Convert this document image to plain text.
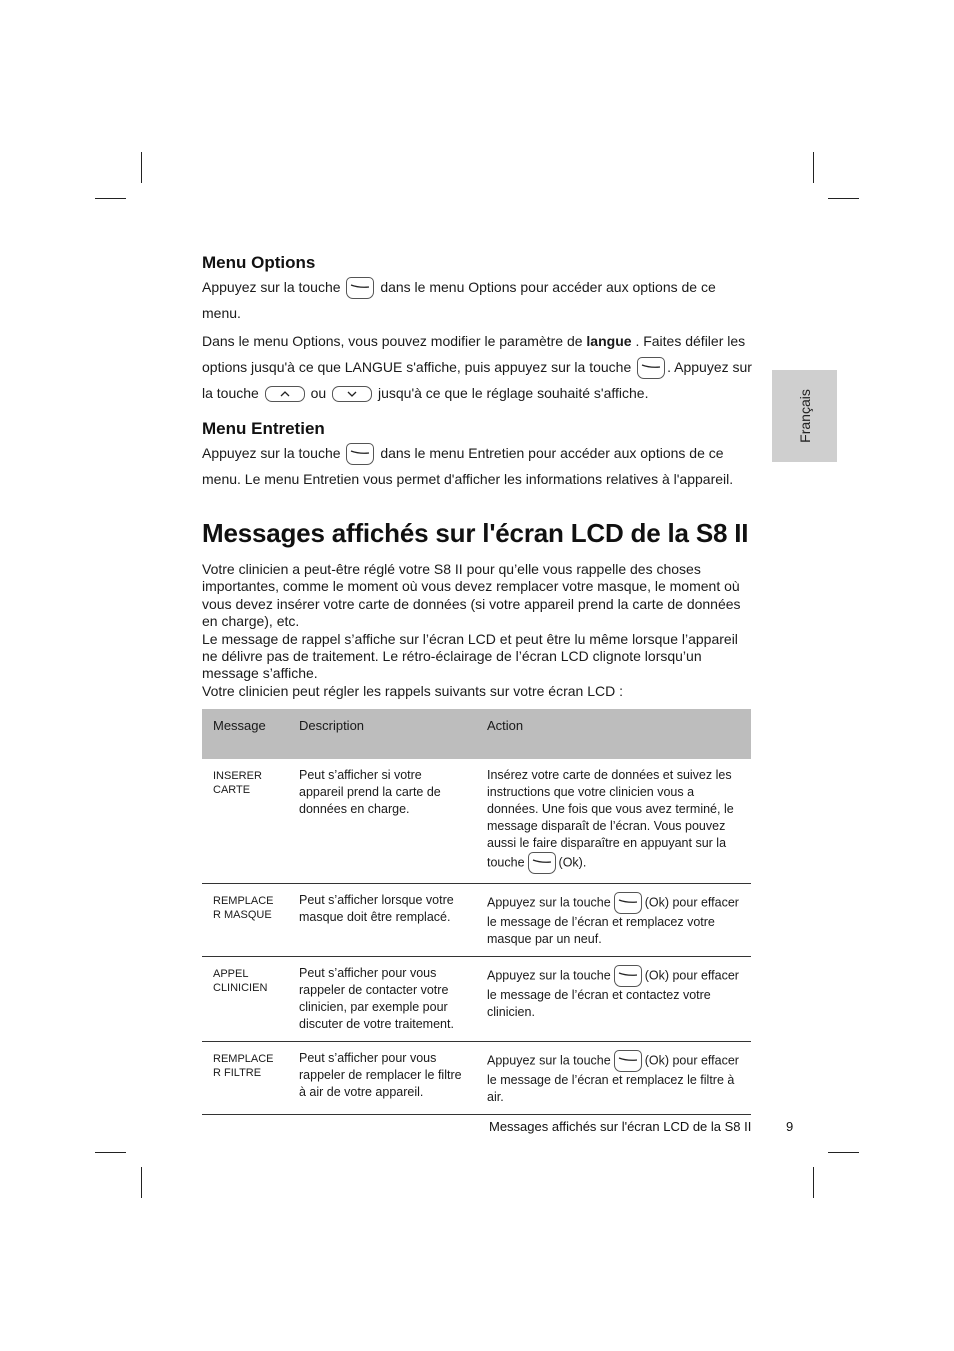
Français
Menu Options

Appuyez sur la touche	dans le menu Options pour accéder aux options de ce menu.

Dans le menu Options, vous pouvez modifier le paramètre de langue . Faites défiler les options jusqu'à ce que LANGUE s'affiche, puis appuyez sur la touche	. Appuyez sur la touche	ou	jusqu'à ce que le réglage souhaité s'affiche.

Menu Entretien

Appuyez sur la touche	dans le menu Entretien pour accéder aux options de ce menu. Le menu Entretien vous permet d'afficher les informations relatives à l'appareil.

Messages affichés sur l'écran LCD de la S8 II

Votre clinicien a peut-être réglé votre S8 II pour qu’elle vous rappelle des choses importantes, comme le moment où vous devez remplacer votre masque, le moment où vous devez insérer votre carte de données (si votre appareil prend la carte de données en charge), etc.

Le message de rappel s’affiche sur l’écran LCD et peut être lu même lorsque l’appareil ne délivre pas de traitement. Le rétro-éclairage de l’écran LCD clignote lorsqu’un message s’affiche.

Votre clinicien peut régler les rappels suivants sur votre écran LCD :

Message	Description	Action
INSERER
CARTE	Peut s’afficher si votre appareil prend la carte de données en charge.	Insérez votre carte de données et suivez les instructions que votre clinicien vous a données. Une fois que vous avez terminé, le message disparaît de l’écran. Vous pouvez aussi le faire disparaître en appuyant sur la touche (Ok).
REMPLACE
R MASQUE	Peut s’afficher lorsque votre masque doit être remplacé.	Appuyez sur la touche (Ok) pour effacer le message de l’écran et remplacez votre masque par un neuf.
APPEL
CLINICIEN	Peut s’afficher pour vous rappeler de contacter votre clinicien, par exemple pour discuter de votre traitement.	Appuyez sur la touche (Ok) pour effacer le message de l’écran et contactez votre clinicien.
REMPLACE
R FILTRE	Peut s’afficher pour vous rappeler de remplacer le filtre à air de votre appareil.	Appuyez sur la touche (Ok) pour effacer le message de l’écran et remplacez le filtre à air.
Messages affichés sur l'écran LCD de la S8 II	9
